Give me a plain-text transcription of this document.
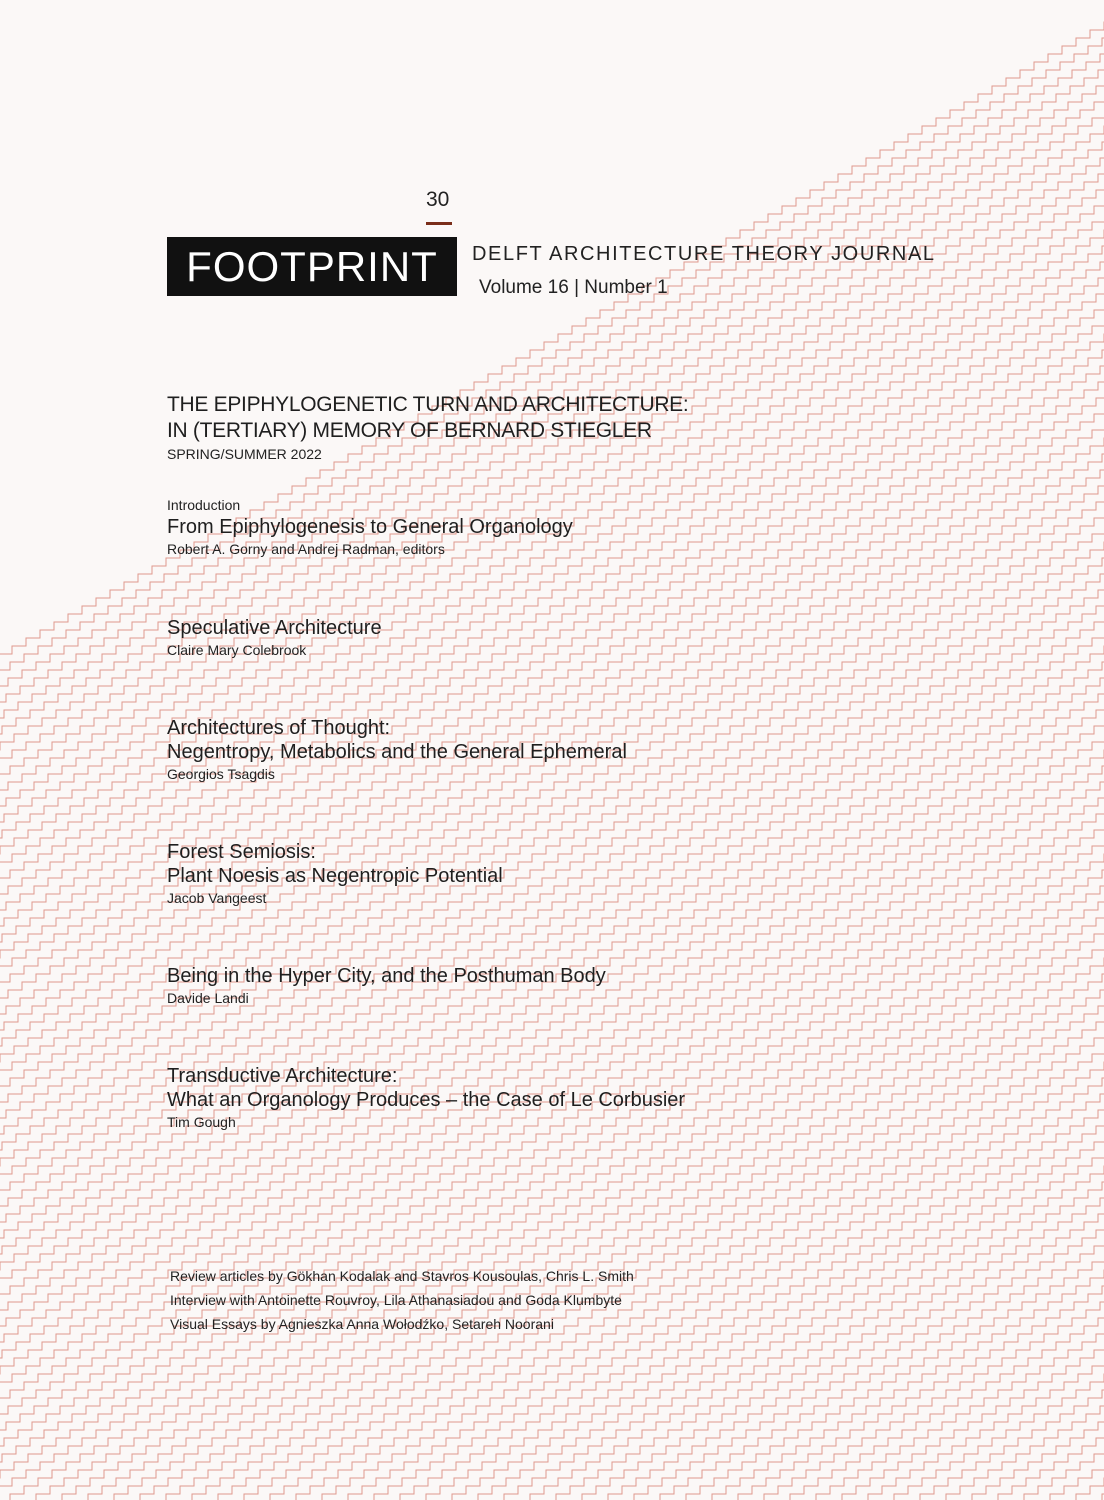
30
FOOTPRINT DELFT ARCHITECTURE THEORY JOURNAL
Volume 16 | Number 1
THE EPIPHYLOGENETIC TURN AND ARCHITECTURE:
IN (TERTIARY) MEMORY OF BERNARD STIEGLER
SPRING/SUMMER 2022
Introduction
From Epiphylogenesis to General Organology
Robert A. Gorny and Andrej Radman, editors
Speculative Architecture
Claire Mary Colebrook
Architectures of Thought:
Negentropy, Metabolics and the General Ephemeral
Georgios Tsagdis
Forest Semiosis:
Plant Noesis as Negentropic Potential
Jacob Vangeest
Being in the Hyper City, and the Posthuman Body
Davide Landi
Transductive Architecture:
What an Organology Produces – the Case of Le Corbusier
Tim Gough
Review articles by Gökhan Kodalak and Stavros Kousoulas, Chris L. Smith
Interview with Antoinette Rouvroy, Lila Athanasiadou and Goda Klumbyte
Visual Essays by Agnieszka Anna Wołodźko, Setareh Noorani
